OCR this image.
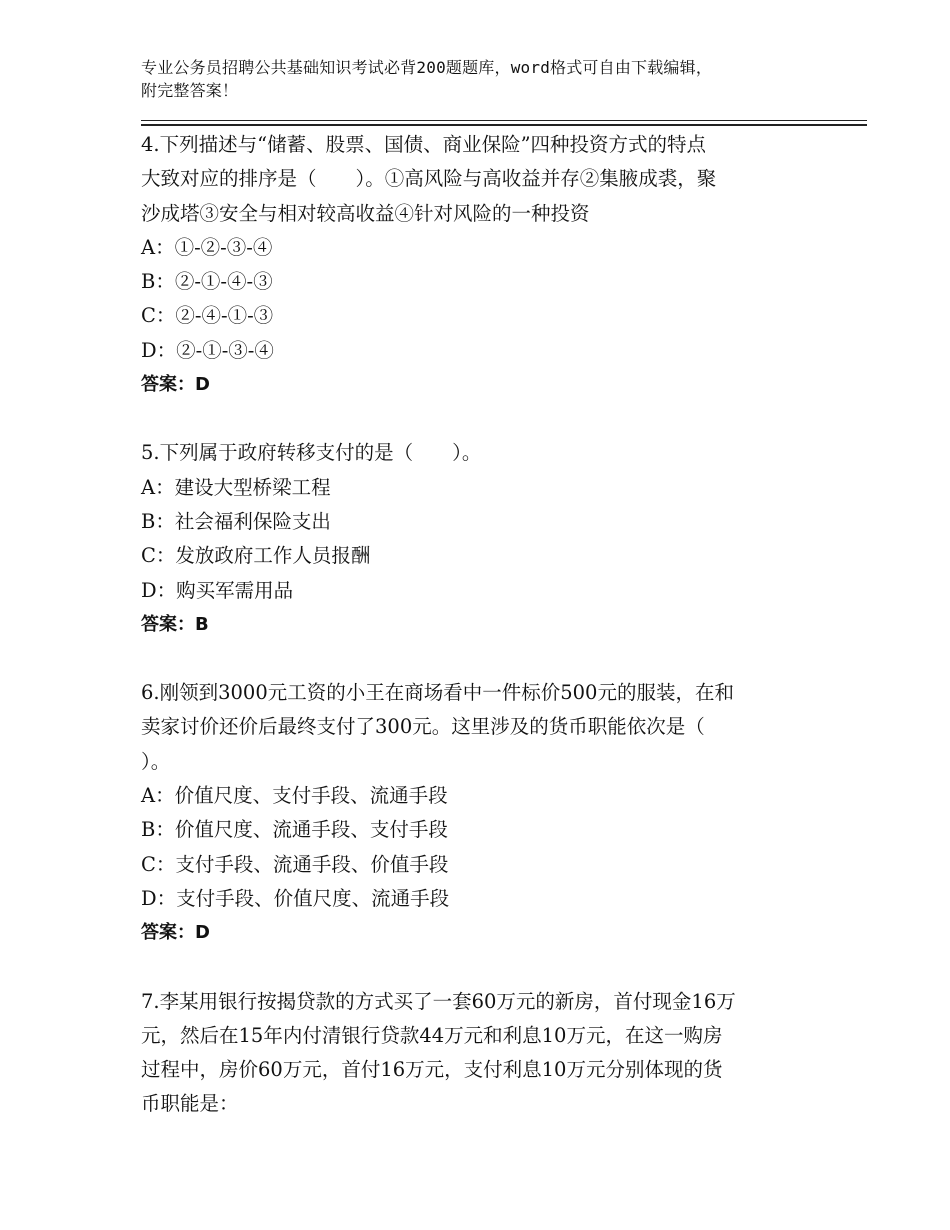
专业公务员招聘公共基础知识考试必背200题题库，word格式可自由下载编辑，
附完整答案！

4.下列描述与“储蓄、股票、国债、商业保险”四种投资方式的特点

大致对应的排序是（　　）。①高风险与高收益并存②集腋成裘，聚

沙成塔③安全与相对较高收益④针对风险的一种投资

A：①-②-③-④

B：②-①-④-③

C：②-④-①-③

D：②-①-③-④

答案：D

5.下列属于政府转移支付的是（　　）。

A：建设大型桥梁工程

B：社会福利保险支出

C：发放政府工作人员报酬

D：购买军需用品

答案：B

6.刚领到3000元工资的小王在商场看中一件标价500元的服装，在和

卖家讨价还价后最终支付了300元。这里涉及的货币职能依次是（

）。

A：价值尺度、支付手段、流通手段

B：价值尺度、流通手段、支付手段

C：支付手段、流通手段、价值手段

D：支付手段、价值尺度、流通手段

答案：D

7.李某用银行按揭贷款的方式买了一套60万元的新房，首付现金16万

元，然后在15年内付清银行贷款44万元和利息10万元，在这一购房

过程中，房价60万元，首付16万元，支付利息10万元分别体现的货

币职能是：
